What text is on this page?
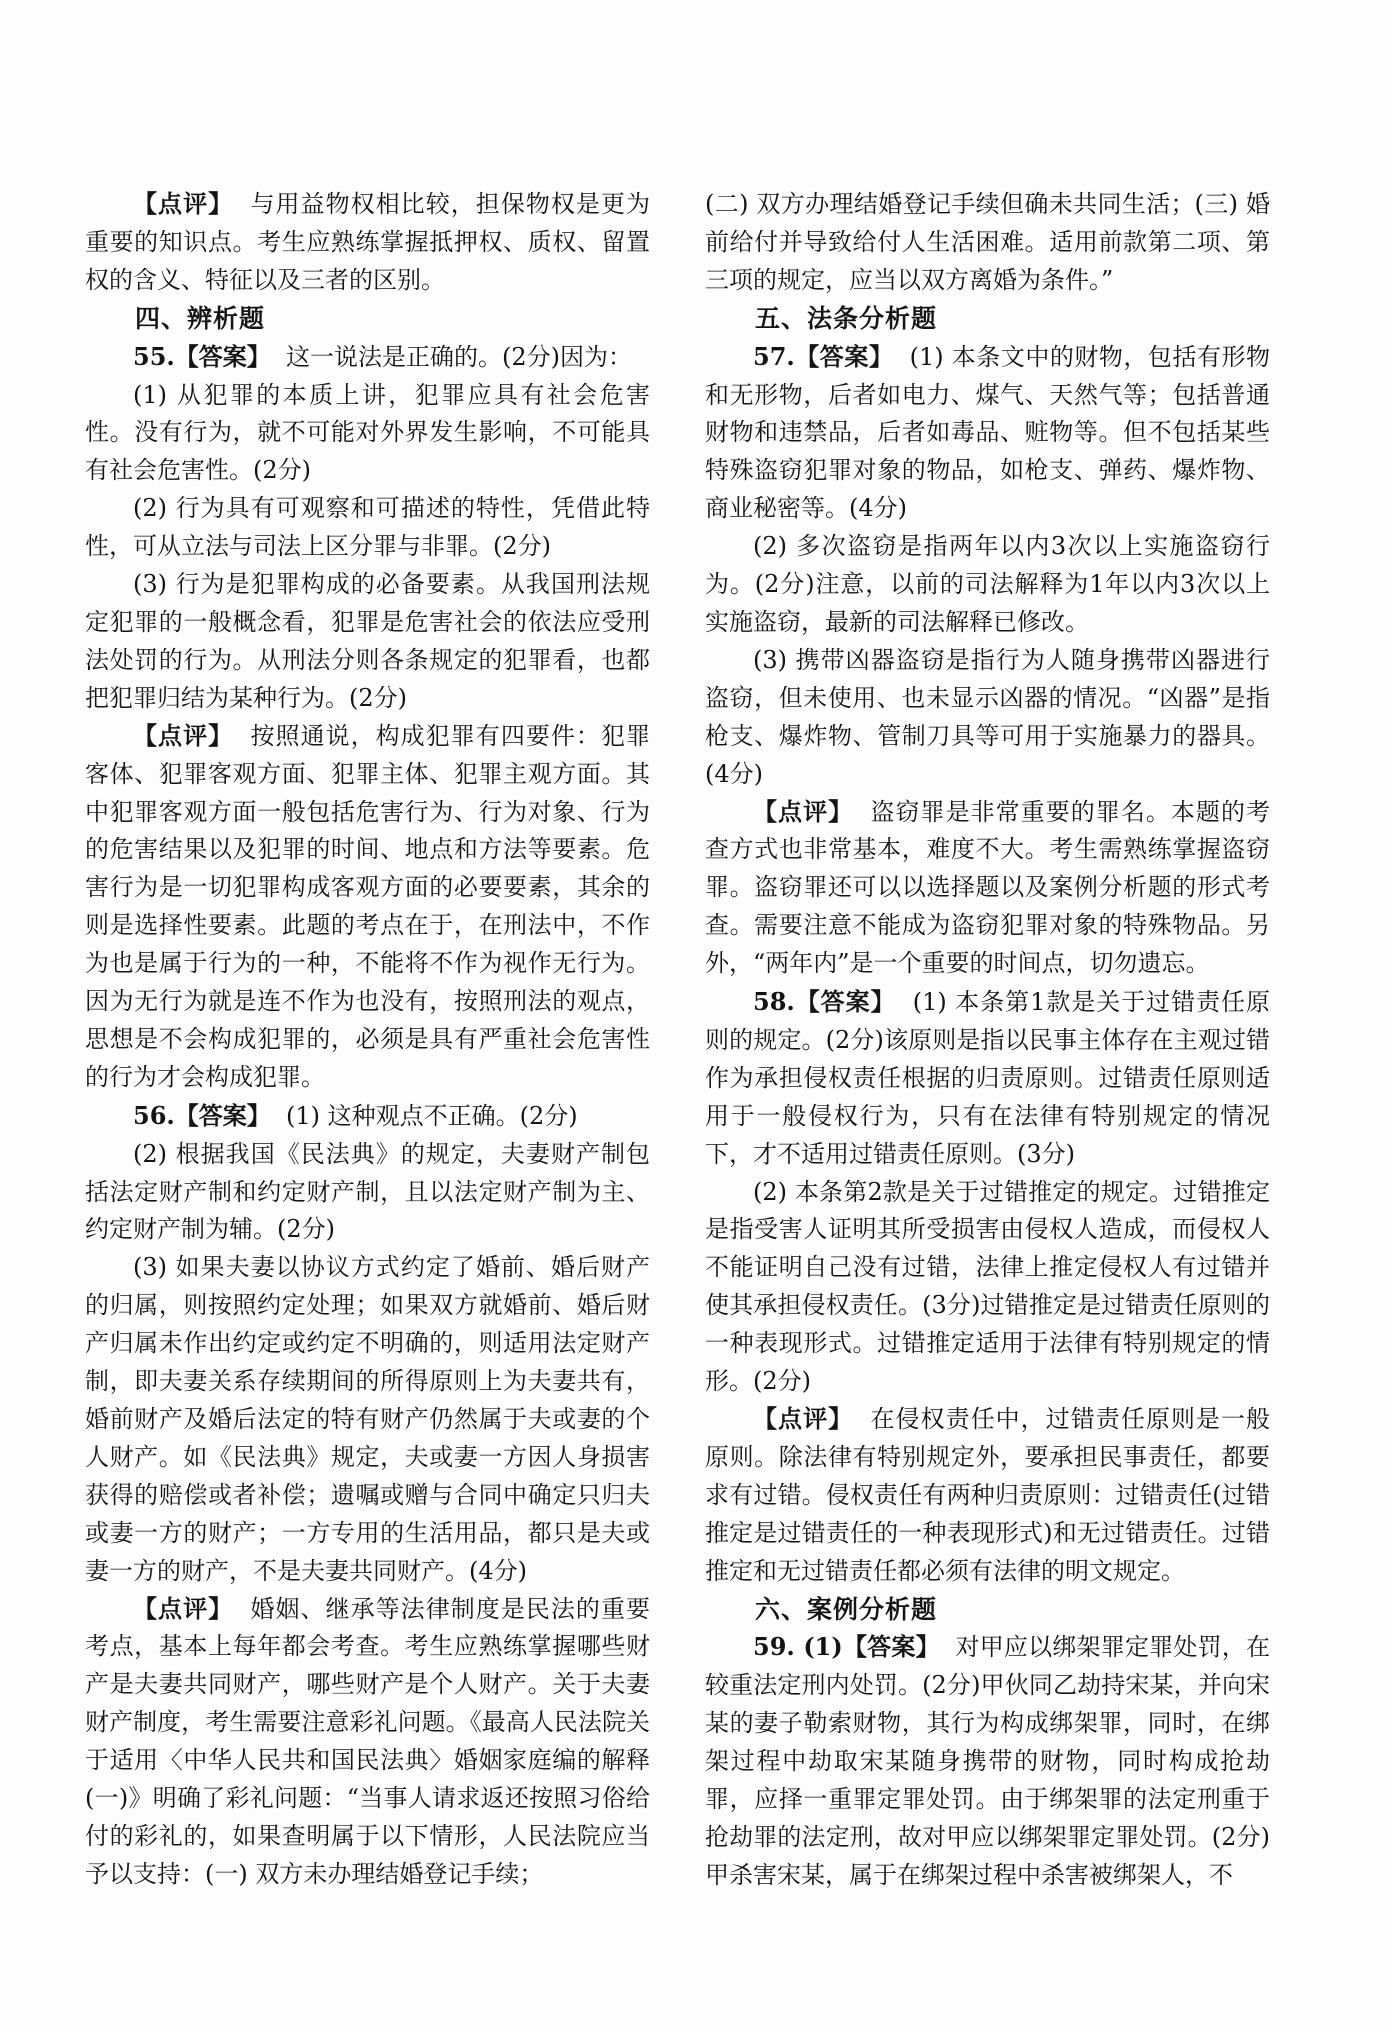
【点评】 与用益物权相比较，担保物权是更为重要的知识点。考生应熟练掌握抵押权、质权、留置权的含义、特征以及三者的区别。

四、辨析题

55.【答案】 这一说法是正确的。(2分)因为：

(1) 从犯罪的本质上讲，犯罪应具有社会危害性。没有行为，就不可能对外界发生影响，不可能具有社会危害性。(2分)

(2) 行为具有可观察和可描述的特性，凭借此特性，可从立法与司法上区分罪与非罪。(2分)

(3) 行为是犯罪构成的必备要素。从我国刑法规定犯罪的一般概念看，犯罪是危害社会的依法应受刑法处罚的行为。从刑法分则各条规定的犯罪看，也都把犯罪归结为某种行为。(2分)

【点评】 按照通说，构成犯罪有四要件：犯罪客体、犯罪客观方面、犯罪主体、犯罪主观方面。其中犯罪客观方面一般包括危害行为、行为对象、行为的危害结果以及犯罪的时间、地点和方法等要素。危害行为是一切犯罪构成客观方面的必要要素，其余的则是选择性要素。此题的考点在于，在刑法中，不作为也是属于行为的一种，不能将不作为视作无行为。因为无行为就是连不作为也没有，按照刑法的观点，思想是不会构成犯罪的，必须是具有严重社会危害性的行为才会构成犯罪。

56.【答案】 (1) 这种观点不正确。(2分)

(2) 根据我国《民法典》的规定，夫妻财产制包括法定财产制和约定财产制，且以法定财产制为主、约定财产制为辅。(2分)

(3) 如果夫妻以协议方式约定了婚前、婚后财产的归属，则按照约定处理；如果双方就婚前、婚后财产归属未作出约定或约定不明确的，则适用法定财产制，即夫妻关系存续期间的所得原则上为夫妻共有，婚前财产及婚后法定的特有财产仍然属于夫或妻的个人财产。如《民法典》规定，夫或妻一方因人身损害获得的赔偿或者补偿；遗嘱或赠与合同中确定只归夫或妻一方的财产；一方专用的生活用品，都只是夫或妻一方的财产，不是夫妻共同财产。(4分)

【点评】 婚姻、继承等法律制度是民法的重要考点，基本上每年都会考查。考生应熟练掌握哪些财产是夫妻共同财产，哪些财产是个人财产。关于夫妻财产制度，考生需要注意彩礼问题。《最高人民法院关于适用〈中华人民共和国民法典〉婚姻家庭编的解释(一)》明确了彩礼问题：“当事人请求返还按照习俗给付的彩礼的，如果查明属于以下情形，人民法院应当予以支持：(一) 双方未办理结婚登记手续；

(二) 双方办理结婚登记手续但确未共同生活；(三) 婚前给付并导致给付人生活困难。适用前款第二项、第三项的规定，应当以双方离婚为条件。”

五、法条分析题

57.【答案】 (1) 本条文中的财物，包括有形物和无形物，后者如电力、煤气、天然气等；包括普通财物和违禁品，后者如毒品、赃物等。但不包括某些特殊盗窃犯罪对象的物品，如枪支、弹药、爆炸物、商业秘密等。(4分)

(2) 多次盗窃是指两年以内3次以上实施盗窃行为。(2分)注意，以前的司法解释为1年以内3次以上实施盗窃，最新的司法解释已修改。

(3) 携带凶器盗窃是指行为人随身携带凶器进行盗窃，但未使用、也未显示凶器的情况。“凶器”是指枪支、爆炸物、管制刀具等可用于实施暴力的器具。(4分)

【点评】 盗窃罪是非常重要的罪名。本题的考查方式也非常基本，难度不大。考生需熟练掌握盗窃罪。盗窃罪还可以以选择题以及案例分析题的形式考查。需要注意不能成为盗窃犯罪对象的特殊物品。另外，“两年内”是一个重要的时间点，切勿遗忘。

58.【答案】 (1) 本条第1款是关于过错责任原则的规定。(2分)该原则是指以民事主体存在主观过错作为承担侵权责任根据的归责原则。过错责任原则适用于一般侵权行为，只有在法律有特别规定的情况下，才不适用过错责任原则。(3分)

(2) 本条第2款是关于过错推定的规定。过错推定是指受害人证明其所受损害由侵权人造成，而侵权人不能证明自己没有过错，法律上推定侵权人有过错并使其承担侵权责任。(3分)过错推定是过错责任原则的一种表现形式。过错推定适用于法律有特别规定的情形。(2分)

【点评】 在侵权责任中，过错责任原则是一般原则。除法律有特别规定外，要承担民事责任，都要求有过错。侵权责任有两种归责原则：过错责任(过错推定是过错责任的一种表现形式)和无过错责任。过错推定和无过错责任都必须有法律的明文规定。

六、案例分析题

59. (1)【答案】 对甲应以绑架罪定罪处罚，在较重法定刑内处罚。(2分)甲伙同乙劫持宋某，并向宋某的妻子勒索财物，其行为构成绑架罪，同时，在绑架过程中劫取宋某随身携带的财物，同时构成抢劫罪，应择一重罪定罪处罚。由于绑架罪的法定刑重于抢劫罪的法定刑，故对甲应以绑架罪定罪处罚。(2分)甲杀害宋某，属于在绑架过程中杀害被绑架人，不
